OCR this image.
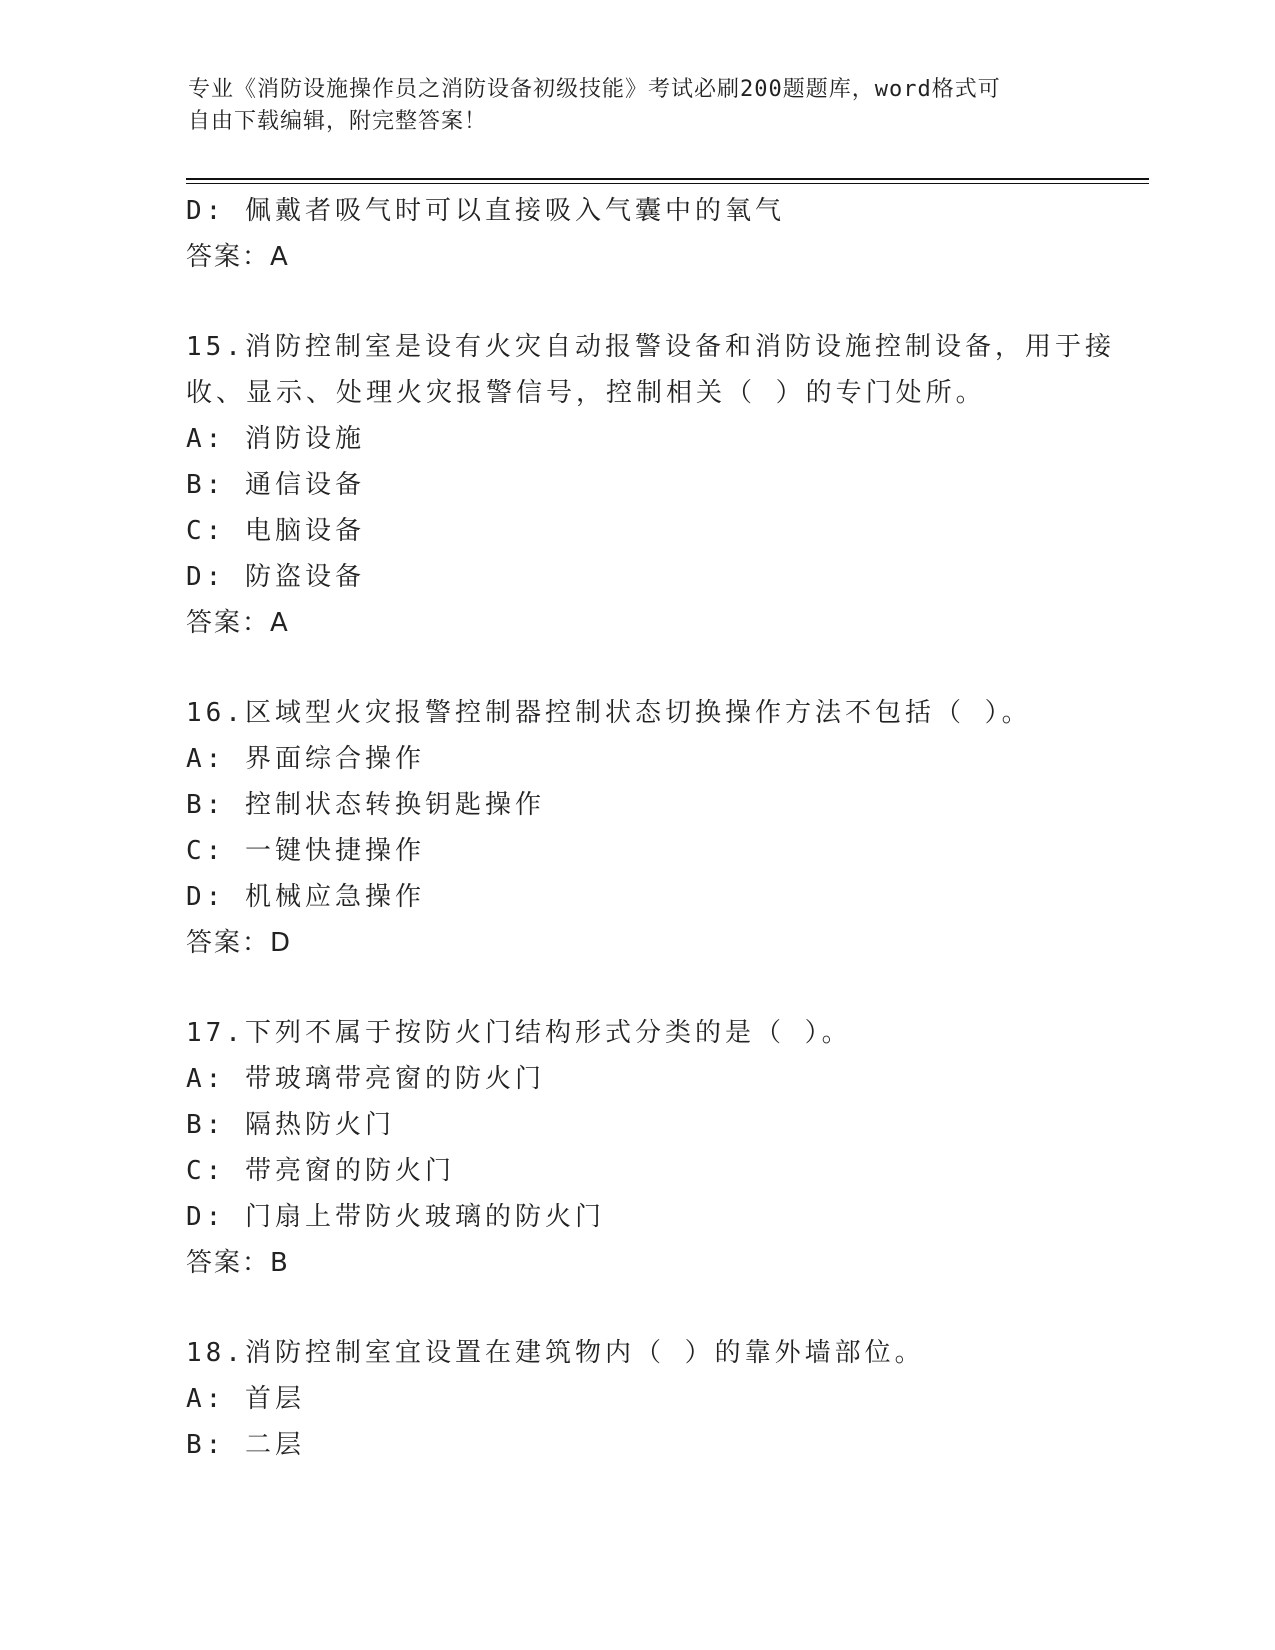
专业《消防设施操作员之消防设备初级技能》考试必刷200题题库，word格式可
自由下载编辑，附完整答案！
D: 佩戴者吸气时可以直接吸入气囊中的氧气
答案：A
15.消防控制室是设有火灾自动报警设备和消防设施控制设备，用于接
收、显示、处理火灾报警信号，控制相关（ ）的专门处所。
A: 消防设施
B: 通信设备
C: 电脑设备
D: 防盗设备
答案：A
16.区域型火灾报警控制器控制状态切换操作方法不包括（ ）。
A: 界面综合操作
B: 控制状态转换钥匙操作
C: 一键快捷操作
D: 机械应急操作
答案：D
17.下列不属于按防火门结构形式分类的是（ ）。
A: 带玻璃带亮窗的防火门
B: 隔热防火门
C: 带亮窗的防火门
D: 门扇上带防火玻璃的防火门
答案：B
18.消防控制室宜设置在建筑物内（ ）的靠外墙部位。
A: 首层
B: 二层
